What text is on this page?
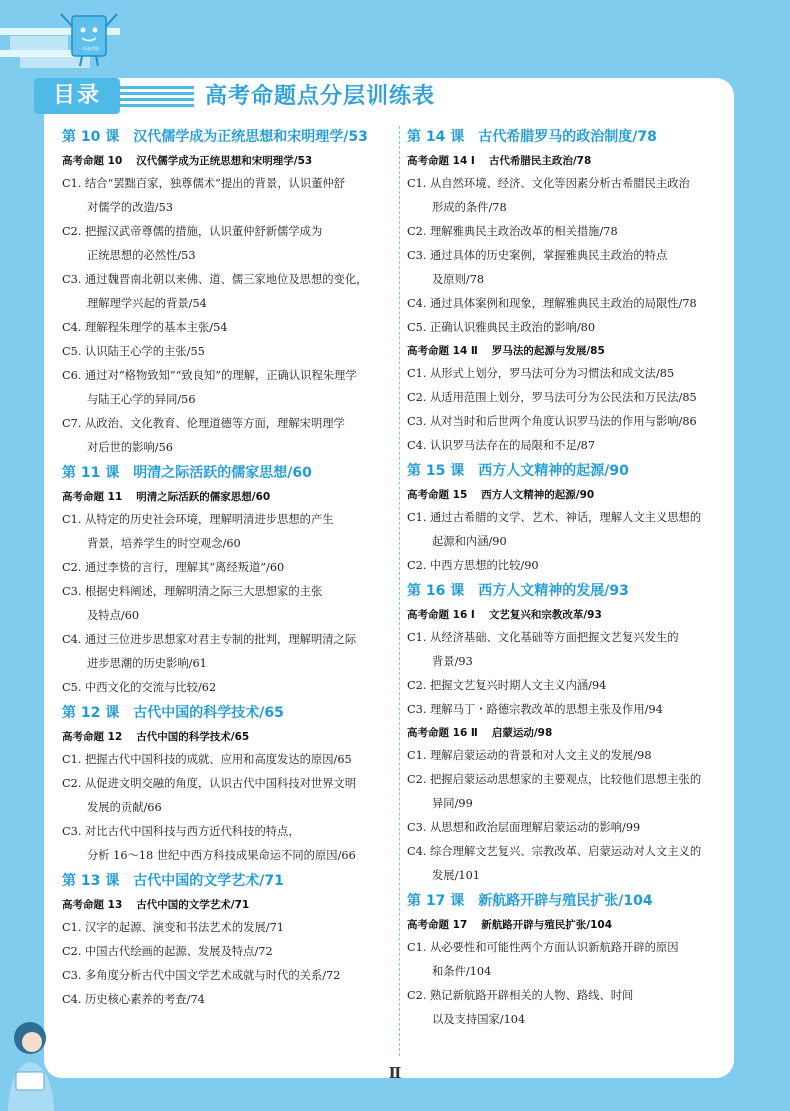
一本高考通
目录	高考命题点分层训练表
第 10 课 汉代儒学成为正统思想和宋明理学/53
高考命题 10 汉代儒学成为正统思想和宋明理学/53
C1. 结合“罢黜百家，独尊儒术”提出的背景，认识董仲舒
对儒学的改造/53
C2. 把握汉武帝尊儒的措施，认识董仲舒新儒学成为
正统思想的必然性/53
C3. 通过魏晋南北朝以来佛、道、儒三家地位及思想的变化，
理解理学兴起的背景/54
C4. 理解程朱理学的基本主张/54
C5. 认识陆王心学的主张/55
C6. 通过对“格物致知”“致良知”的理解，正确认识程朱理学
与陆王心学的异同/56
C7. 从政治、文化教育、伦理道德等方面，理解宋明理学
对后世的影响/56
第 11 课 明清之际活跃的儒家思想/60
高考命题 11 明清之际活跃的儒家思想/60
C1. 从特定的历史社会环境，理解明清进步思想的产生
背景，培养学生的时空观念/60
C2. 通过李贽的言行，理解其“离经叛道”/60
C3. 根据史料阐述，理解明清之际三大思想家的主张
及特点/60
C4. 通过三位进步思想家对君主专制的批判，理解明清之际
进步思潮的历史影响/61
C5. 中西文化的交流与比较/62
第 12 课 古代中国的科学技术/65
高考命题 12 古代中国的科学技术/65
C1. 把握古代中国科技的成就、应用和高度发达的原因/65
C2. 从促进文明交融的角度，认识古代中国科技对世界文明
发展的贡献/66
C3. 对比古代中国科技与西方近代科技的特点，
分析 16～18 世纪中西方科技成果命运不同的原因/66
第 13 课 古代中国的文学艺术/71
高考命题 13 古代中国的文学艺术/71
C1. 汉字的起源、演变和书法艺术的发展/71
C2. 中国古代绘画的起源、发展及特点/72
C3. 多角度分析古代中国文学艺术成就与时代的关系/72
C4. 历史核心素养的考查/74
第 14 课 古代希腊罗马的政治制度/78
高考命题 14 Ⅰ 古代希腊民主政治/78
C1. 从自然环境、经济、文化等因素分析古希腊民主政治
形成的条件/78
C2. 理解雅典民主政治改革的相关措施/78
C3. 通过具体的历史案例，掌握雅典民主政治的特点
及原则/78
C4. 通过具体案例和现象，理解雅典民主政治的局限性/78
C5. 正确认识雅典民主政治的影响/80
高考命题 14 Ⅱ 罗马法的起源与发展/85
C1. 从形式上划分，罗马法可分为习惯法和成文法/85
C2. 从适用范围上划分，罗马法可分为公民法和万民法/85
C3. 从对当时和后世两个角度认识罗马法的作用与影响/86
C4. 认识罗马法存在的局限和不足/87
第 15 课 西方人文精神的起源/90
高考命题 15 西方人文精神的起源/90
C1. 通过古希腊的文学、艺术、神话，理解人文主义思想的
起源和内涵/90
C2. 中西方思想的比较/90
第 16 课 西方人文精神的发展/93
高考命题 16 Ⅰ 文艺复兴和宗教改革/93
C1. 从经济基础、文化基础等方面把握文艺复兴发生的
背景/93
C2. 把握文艺复兴时期人文主义内涵/94
C3. 理解马丁・路德宗教改革的思想主张及作用/94
高考命题 16 Ⅱ 启蒙运动/98
C1. 理解启蒙运动的背景和对人文主义的发展/98
C2. 把握启蒙运动思想家的主要观点，比较他们思想主张的
异同/99
C3. 从思想和政治层面理解启蒙运动的影响/99
C4. 综合理解文艺复兴、宗教改革、启蒙运动对人文主义的
发展/101
第 17 课 新航路开辟与殖民扩张/104
高考命题 17 新航路开辟与殖民扩张/104
C1. 从必要性和可能性两个方面认识新航路开辟的原因
和条件/104
C2. 熟记新航路开辟相关的人物、路线、时间
以及支持国家/104
Ⅱ
